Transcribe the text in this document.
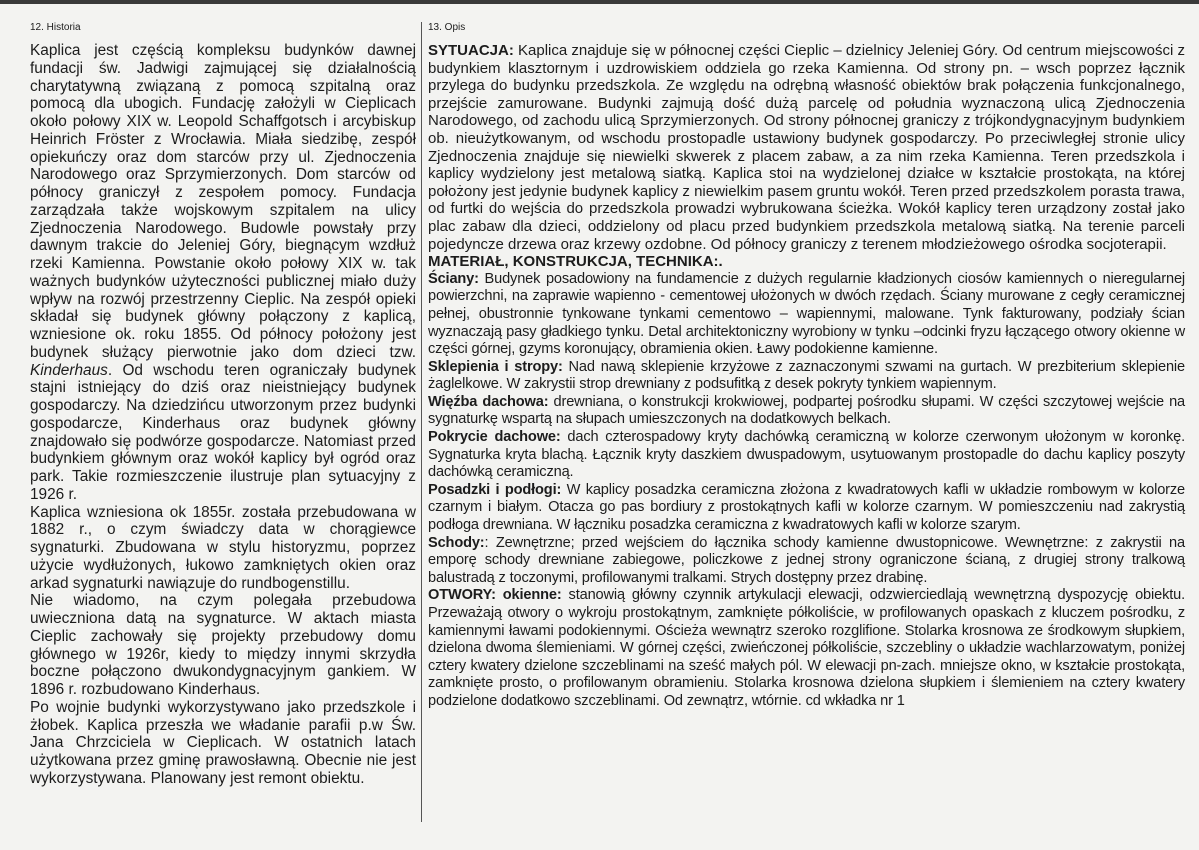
12. Historia

Kaplica jest częścią kompleksu budynków dawnej fundacji św. Jadwigi zajmującej się działalnością charytatywną związaną z pomocą szpitalną oraz pomocą dla ubogich. Fundację założyli w Cieplicach około połowy XIX w. Leopold Schaffgotsch i arcybiskup Heinrich Fröster z Wrocławia. Miała siedzibę, zespół opiekuńczy oraz dom starców przy ul. Zjednoczenia Narodowego oraz Sprzymierzonych. Dom starców od północy graniczył z zespołem pomocy. Fundacja zarządzała także wojskowym szpitalem na ulicy Zjednoczenia Narodowego. Budowle powstały przy dawnym trakcie do Jeleniej Góry, biegnącym wzdłuż rzeki Kamienna. Powstanie około połowy XIX w. tak ważnych budynków użyteczności publicznej miało duży wpływ na rozwój przestrzenny Cieplic. Na zespół opieki składał się budynek główny połączony z kaplicą, wzniesione ok. roku 1855. Od północy położony jest budynek służący pierwotnie jako dom dzieci tzw. Kinderhaus. Od wschodu teren ograniczały budynek stajni istniejący do dziś oraz nieistniejący budynek gospodarczy. Na dziedzińcu utworzonym przez budynki gospodarcze, Kinderhaus oraz budynek główny znajdowało się podwórze gospodarcze. Natomiast przed budynkiem głównym oraz wokół kaplicy był ogród oraz park. Takie rozmieszczenie ilustruje plan sytuacyjny z 1926 r.

Kaplica wzniesiona ok 1855r. została przebudowana w 1882 r., o czym świadczy data w chorągiewce sygnaturki. Zbudowana w stylu historyzmu, poprzez użycie wydłużonych, łukowo zamkniętych okien oraz arkad sygnaturki nawiązuje do rundbogenstillu.

Nie wiadomo, na czym polegała przebudowa uwieczniona datą na sygnaturce. W aktach miasta Cieplic zachowały się projekty przebudowy domu głównego w 1926r, kiedy to między innymi skrzydła boczne połączono dwukondygnacyjnym gankiem. W 1896 r. rozbudowano Kinderhaus.

Po wojnie budynki wykorzystywano jako przedszkole i żłobek. Kaplica przeszła we władanie parafii p.w Św. Jana Chrzciciela w Cieplicach. W ostatnich latach użytkowana przez gminę prawosławną. Obecnie nie jest wykorzystywana. Planowany jest remont obiektu.

13. Opis

SYTUACJA: Kaplica znajduje się w północnej części Cieplic – dzielnicy Jeleniej Góry. Od centrum miejscowości z budynkiem klasztornym i uzdrowiskiem oddziela go rzeka Kamienna. Od strony pn. – wsch poprzez łącznik przylega do budynku przedszkola. Ze względu na odrębną własność obiektów brak połączenia funkcjonalnego, przejście zamurowane. Budynki zajmują dość dużą parcelę od południa wyznaczoną ulicą Zjednoczenia Narodowego, od zachodu ulicą Sprzymierzonych. Od strony północnej graniczy z trójkondygnacyjnym budynkiem ob. nieużytkowanym, od wschodu prostopadle ustawiony budynek gospodarczy. Po przeciwległej stronie ulicy Zjednoczenia znajduje się niewielki skwerek z placem zabaw, a za nim rzeka Kamienna. Teren przedszkola i kaplicy wydzielony jest metalową siatką. Kaplica stoi na wydzielonej działce w kształcie prostokąta, na której położony jest jedynie budynek kaplicy z niewielkim pasem gruntu wokół. Teren przed przedszkolem porasta trawa, od furtki do wejścia do przedszkola prowadzi wybrukowana ścieżka. Wokół kaplicy teren urządzony został jako plac zabaw dla dzieci, oddzielony od placu przed budynkiem przedszkola metalową siatką. Na terenie parceli pojedyncze drzewa oraz krzewy ozdobne. Od północy graniczy z terenem młodzieżowego ośrodka socjoterapii.

MATERIAŁ, KONSTRUKCJA, TECHNIKA:.

Ściany: Budynek posadowiony na fundamencie z dużych regularnie kładzionych ciosów kamiennych o nieregularnej powierzchni, na zaprawie wapienno - cementowej ułożonych w dwóch rzędach. Ściany murowane z cegły ceramicznej pełnej, obustronnie tynkowane tynkami cementowo – wapiennymi, malowane. Tynk fakturowany, podziały ścian wyznaczają pasy gładkiego tynku. Detal architektoniczny wyrobiony w tynku –odcinki fryzu łączącego otwory okienne w części górnej, gzyms koronujący, obramienia okien. Ławy podokienne kamienne.

Sklepienia i stropy: Nad nawą sklepienie krzyżowe z zaznaczonymi szwami na gurtach. W prezbiterium sklepienie żaglelkowe. W zakrystii strop drewniany z podsufitką z desek pokryty tynkiem wapiennym.

Więźba dachowa: drewniana, o konstrukcji krokwiowej, podpartej pośrodku słupami. W części szczytowej wejście na sygnaturkę wspartą na słupach umieszczonych na dodatkowych belkach.

Pokrycie dachowe: dach czterospadowy kryty dachówką ceramiczną w kolorze czerwonym ułożonym w koronkę. Sygnaturka kryta blachą. Łącznik kryty daszkiem dwuspadowym, usytuowanym prostopadle do dachu kaplicy poszyty dachówką ceramiczną.

Posadzki i podłogi: W kaplicy posadzka ceramiczna złożona z kwadratowych kafli w układzie rombowym w kolorze czarnym i białym. Otacza go pas bordiury z prostokątnych kafli w kolorze czarnym. W pomieszczeniu nad zakrystią podłoga drewniana. W łączniku posadzka ceramiczna z kwadratowych kafli w kolorze szarym.

Schody:: Zewnętrzne; przed wejściem do łącznika schody kamienne dwustopnicowe. Wewnętrzne: z zakrystii na emporę schody drewniane zabiegowe, policzkowe z jednej strony ograniczone ścianą, z drugiej strony tralkową balustradą z toczonymi, profilowanymi tralkami. Strych dostępny przez drabinę.

OTWORY: okienne: stanowią główny czynnik artykulacji elewacji, odzwierciedlają wewnętrzną dyspozycję obiektu. Przeważają otwory o wykroju prostokątnym, zamknięte półkoliście, w profilowanych opaskach z kluczem pośrodku, z kamiennymi ławami podokiennymi. Ościeża wewnątrz szeroko rozglifione. Stolarka krosnowa ze środkowym słupkiem, dzielona dwoma ślemieniami. W górnej części, zwieńczonej półkoliście, szczebliny o układzie wachlarzowatym, poniżej cztery kwatery dzielone szczeblinami na sześć małych pól. W elewacji pn-zach. mniejsze okno, w kształcie prostokąta, zamknięte prosto, o profilowanym obramieniu. Stolarka krosnowa dzielona słupkiem i ślemieniem na cztery kwatery podzielone dodatkowo szczeblinami. Od zewnątrz, wtórnie. cd wkładka nr 1
